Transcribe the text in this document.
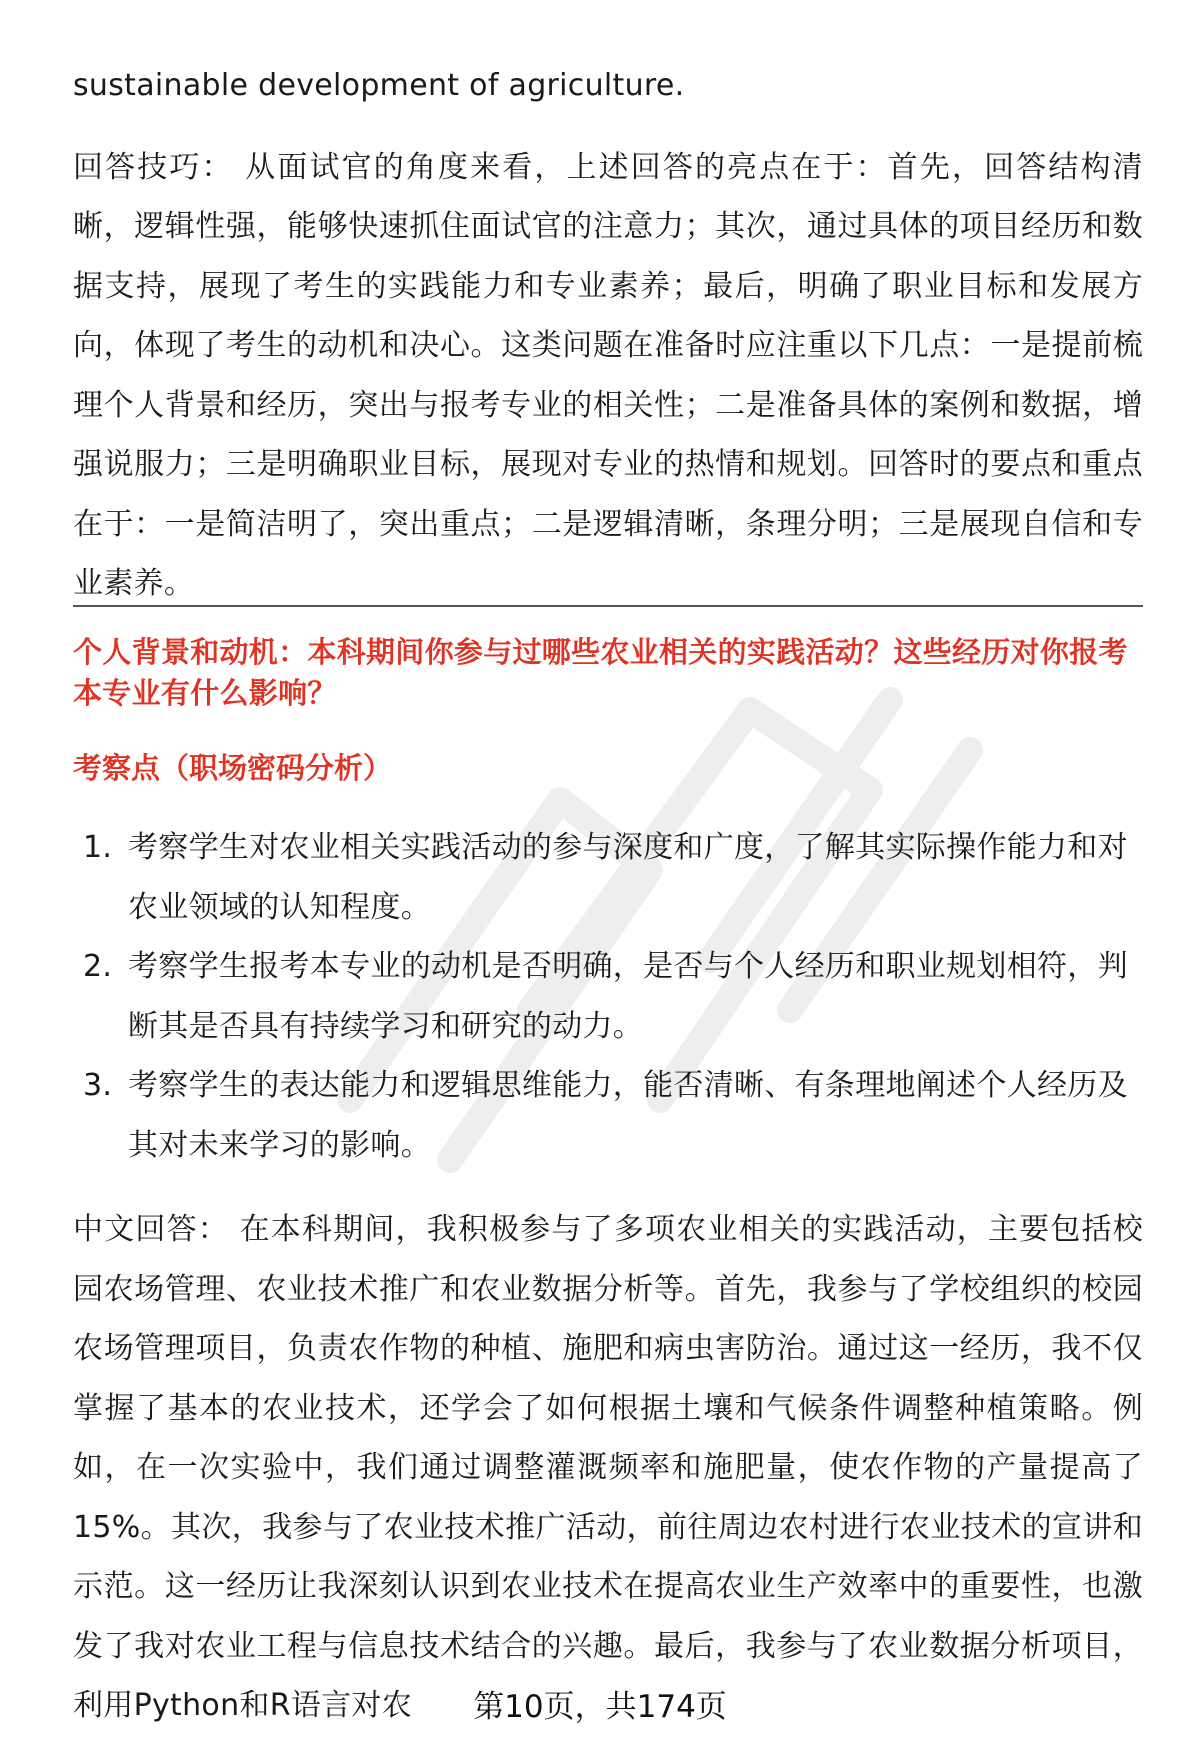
sustainable development of agriculture.

回答技巧： 从面试官的角度来看，上述回答的亮点在于：首先，回答结构清晰，逻辑性强，能够快速抓住面试官的注意力；其次，通过具体的项目经历和数据支持，展现了考生的实践能力和专业素养；最后，明确了职业目标和发展方向，体现了考生的动机和决心。这类问题在准备时应注重以下几点：一是提前梳理个人背景和经历，突出与报考专业的相关性；二是准备具体的案例和数据，增强说服力；三是明确职业目标，展现对专业的热情和规划。回答时的要点和重点在于：一是简洁明了，突出重点；二是逻辑清晰，条理分明；三是展现自信和专业素养。

个人背景和动机：本科期间你参与过哪些农业相关的实践活动？这些经历对你报考本专业有什么影响？

考察点（职场密码分析）

1. 考察学生对农业相关实践活动的参与深度和广度，了解其实际操作能力和对农业领域的认知程度。
2. 考察学生报考本专业的动机是否明确，是否与个人经历和职业规划相符，判断其是否具有持续学习和研究的动力。
3. 考察学生的表达能力和逻辑思维能力，能否清晰、有条理地阐述个人经历及其对未来学习的影响。

中文回答： 在本科期间，我积极参与了多项农业相关的实践活动，主要包括校园农场管理、农业技术推广和农业数据分析等。首先，我参与了学校组织的校园农场管理项目，负责农作物的种植、施肥和病虫害防治。通过这一经历，我不仅掌握了基本的农业技术，还学会了如何根据土壤和气候条件调整种植策略。例如，在一次实验中，我们通过调整灌溉频率和施肥量，使农作物的产量提高了15%。其次，我参与了农业技术推广活动，前往周边农村进行农业技术的宣讲和示范。这一经历让我深刻认识到农业技术在提高农业生产效率中的重要性，也激发了我对农业工程与信息技术结合的兴趣。最后，我参与了农业数据分析项目，利用Python和R语言对农	第10页，共174页
